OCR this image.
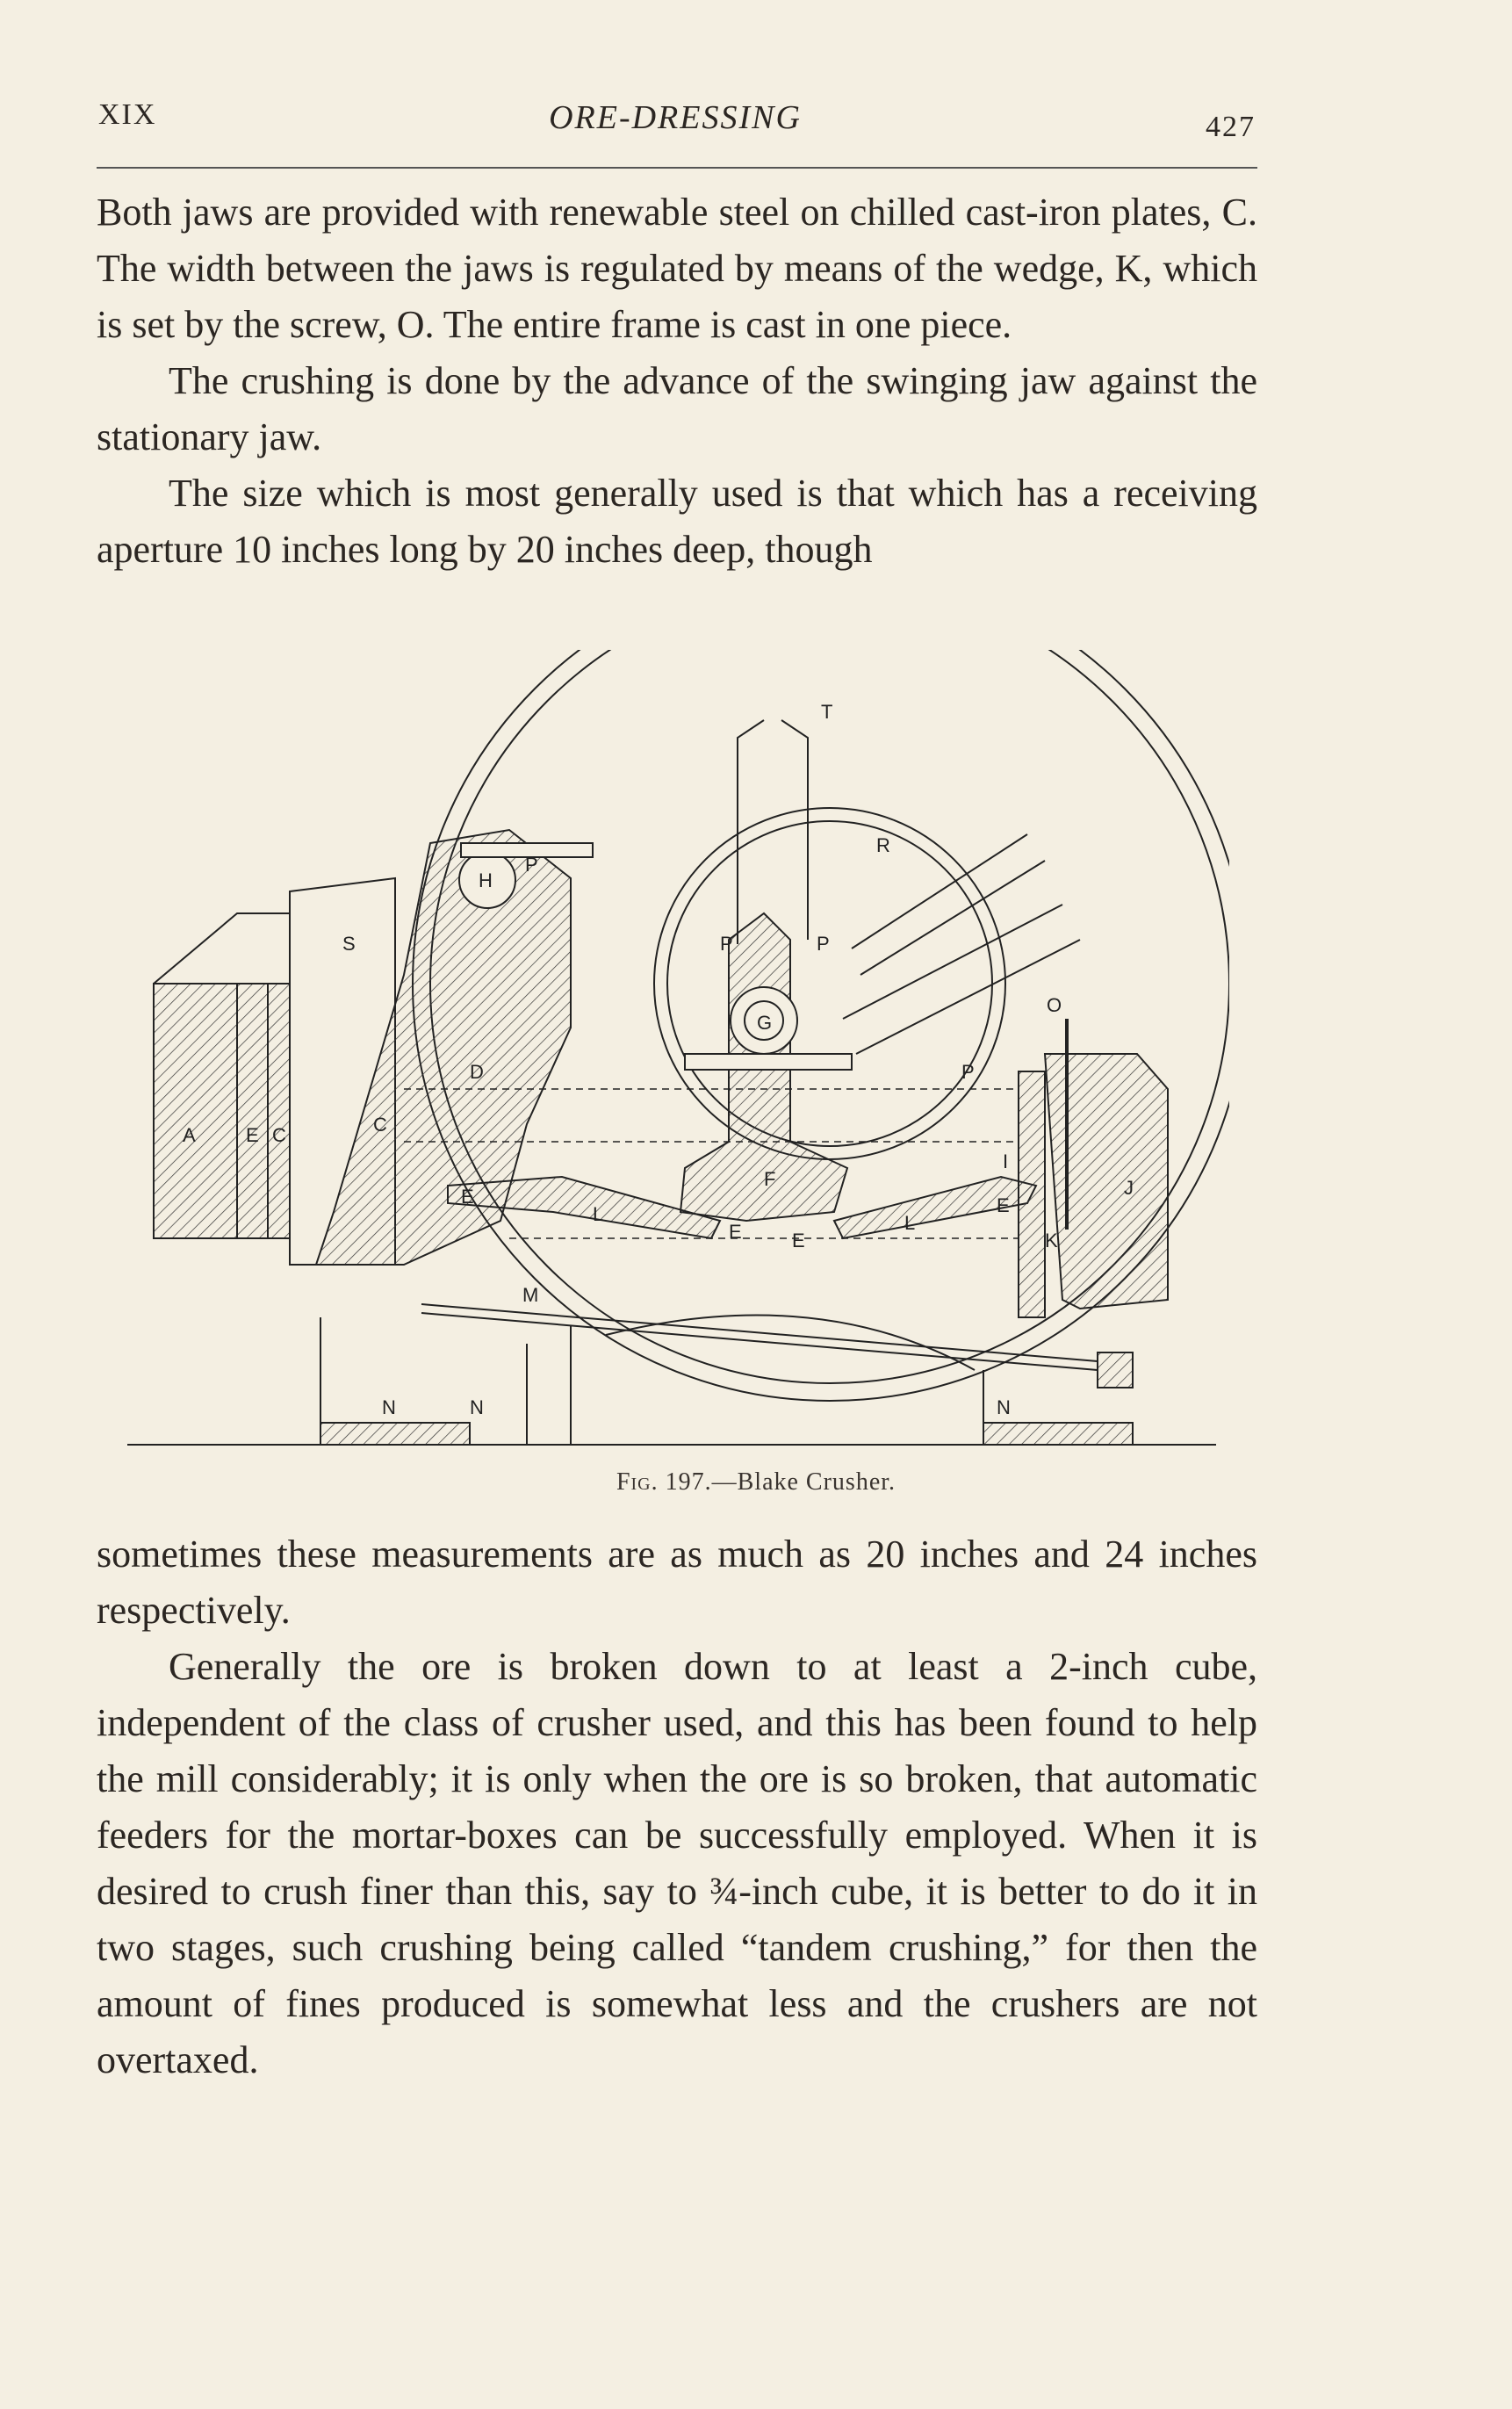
XIX	ORE-DRESSING	427

Both jaws are provided with renewable steel on chilled cast-iron plates, C. The width between the jaws is regulated by means of the wedge, K, which is set by the screw, O. The entire frame is cast in one piece.

The crushing is done by the advance of the swinging jaw against the stationary jaw.

The size which is most generally used is that which has a receiving aperture 10 inches long by 20 inches deep, though

T
R
H
P
P	P
P
S
G
O
A	E C	C
D
F
E
E	E
E
L	L
I
J
K
M
N	N	N
Fig. 197.—Blake Crusher.

sometimes these measurements are as much as 20 inches and 24 inches respectively.

Generally the ore is broken down to at least a 2-inch cube, independent of the class of crusher used, and this has been found to help the mill considerably; it is only when the ore is so broken, that automatic feeders for the mortar-boxes can be successfully employed. When it is desired to crush finer than this, say to ¾-inch cube, it is better to do it in two stages, such crushing being called “tandem crushing,” for then the amount of fines produced is somewhat less and the crushers are not overtaxed.
